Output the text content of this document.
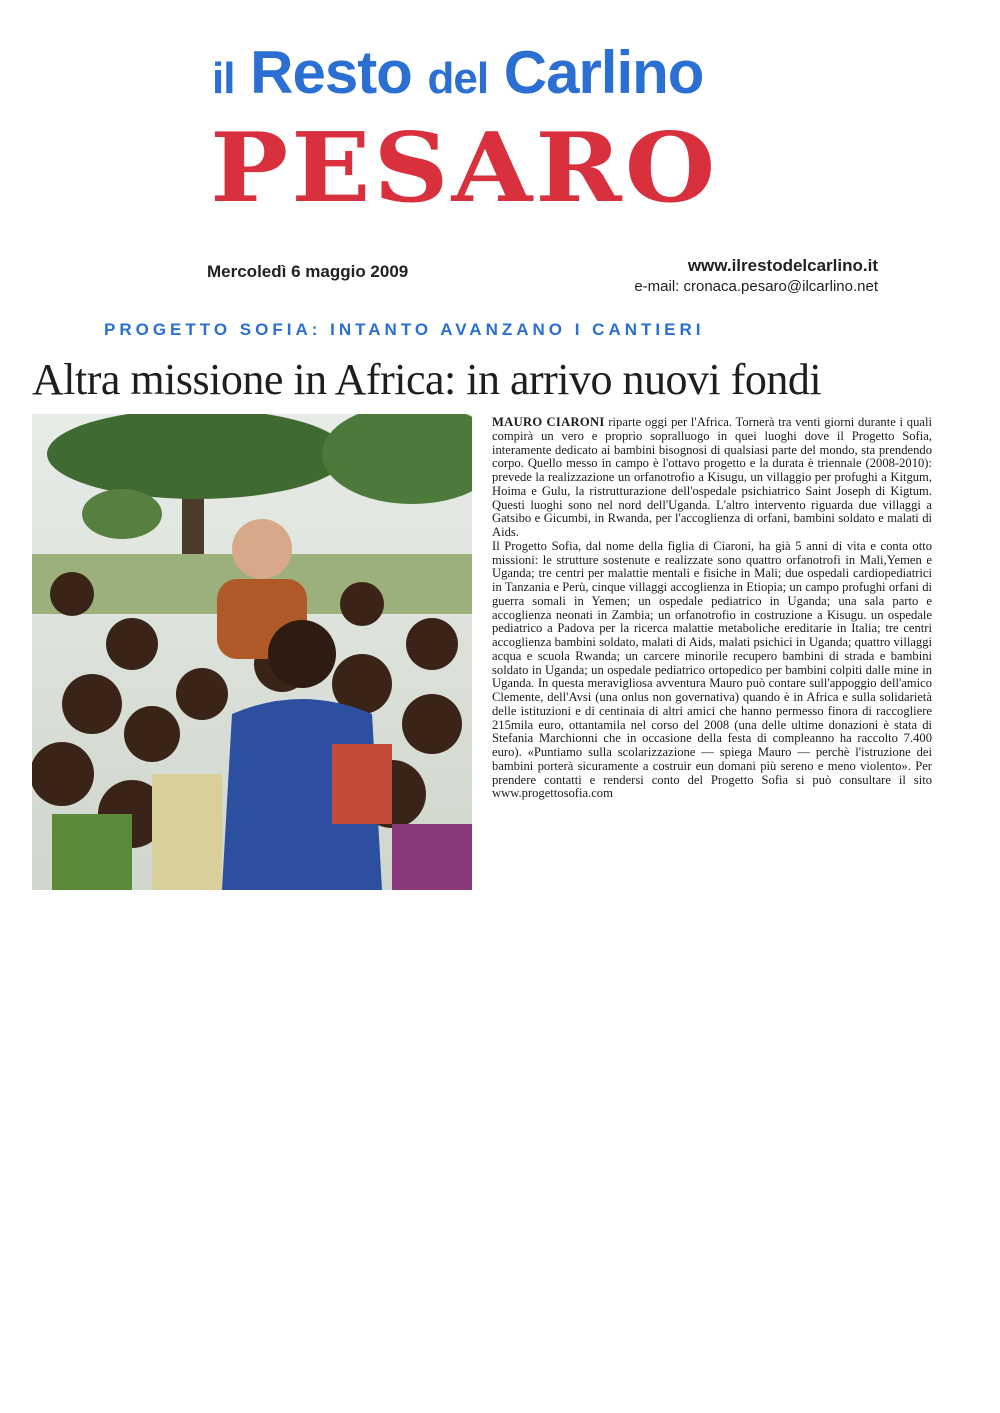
il Resto del Carlino
PESARO
Mercoledì 6 maggio 2009	www.ilrestodelcarlino.it
e-mail: cronaca.pesaro@ilcarlino.net
PROGETTO SOFIA: INTANTO AVANZANO I CANTIERI
Altra missione in Africa: in arrivo nuovi fondi

MAURO CIARONI riparte oggi per l'Africa. Tornerà tra venti giorni durante i quali compirà un vero e proprio sopralluogo in quei luoghi dove il Progetto Sofia, interamente dedicato ai bambini bisognosi di qualsiasi parte del mondo, sta prendendo corpo. Quello messo in campo è l'ottavo progetto e la durata è triennale (2008-2010): prevede la realizzazione un orfanotrofio a Kisugu, un villaggio per profughi a Kitgum, Hoima e Gulu, la ristrutturazione dell'ospedale psichiatrico Saint Joseph di Kigtum. Questi luoghi sono nel nord dell'Uganda. L'altro intervento riguarda due villaggi a Gatsibo e Gicumbi, in Rwanda, per l'accoglienza di orfani, bambini soldato e malati di Aids.

Il Progetto Sofia, dal nome della figlia di Ciaroni, ha già 5 anni di vita e conta otto missioni: le strutture sostenute e realizzate sono quattro orfanotrofi in Mali,Yemen e Uganda; tre centri per malattie mentali e fisiche in Mali; due ospedali cardiopediatrici in Tanzania e Perù, cinque villaggi accoglienza in Etiopia; un campo profughi orfani di guerra somali in Yemen; un ospedale pediatrico in Uganda; una sala parto e accoglienza neonati in Zambia; un orfanotrofio in costruzione a Kisugu. un ospedale pediatrico a Padova per la ricerca malattie metaboliche ereditarie in Italia; tre centri accoglienza bambini soldato, malati di Aids, malati psichici in Uganda; quattro villaggi acqua e scuola Rwanda; un carcere minorile recupero bambini di strada e bambini soldato in Uganda; un ospedale pediatrico ortopedico per bambini colpiti dalle mine in Uganda. In questa meravigliosa avventura Mauro può contare sull'appoggio dell'amico Clemente, dell'Avsi (una onlus non governativa) quando è in Africa e sulla solidarietà delle istituzioni e di centinaia di altri amici che hanno permesso finora di raccogliere 215mila euro, ottantamila nel corso del 2008 (una delle ultime donazioni è stata di Stefania Marchionni che in occasione della festa di compleanno ha raccolto 7.400 euro). «Puntiamo sulla scolarizzazione — spiega Mauro — perchè l'istruzione dei bambini porterà sicuramente a costruir eun domani più sereno e meno violento». Per prendere contatti e rendersi conto del Progetto Sofia si può consultare il sito www.progettosofia.com
